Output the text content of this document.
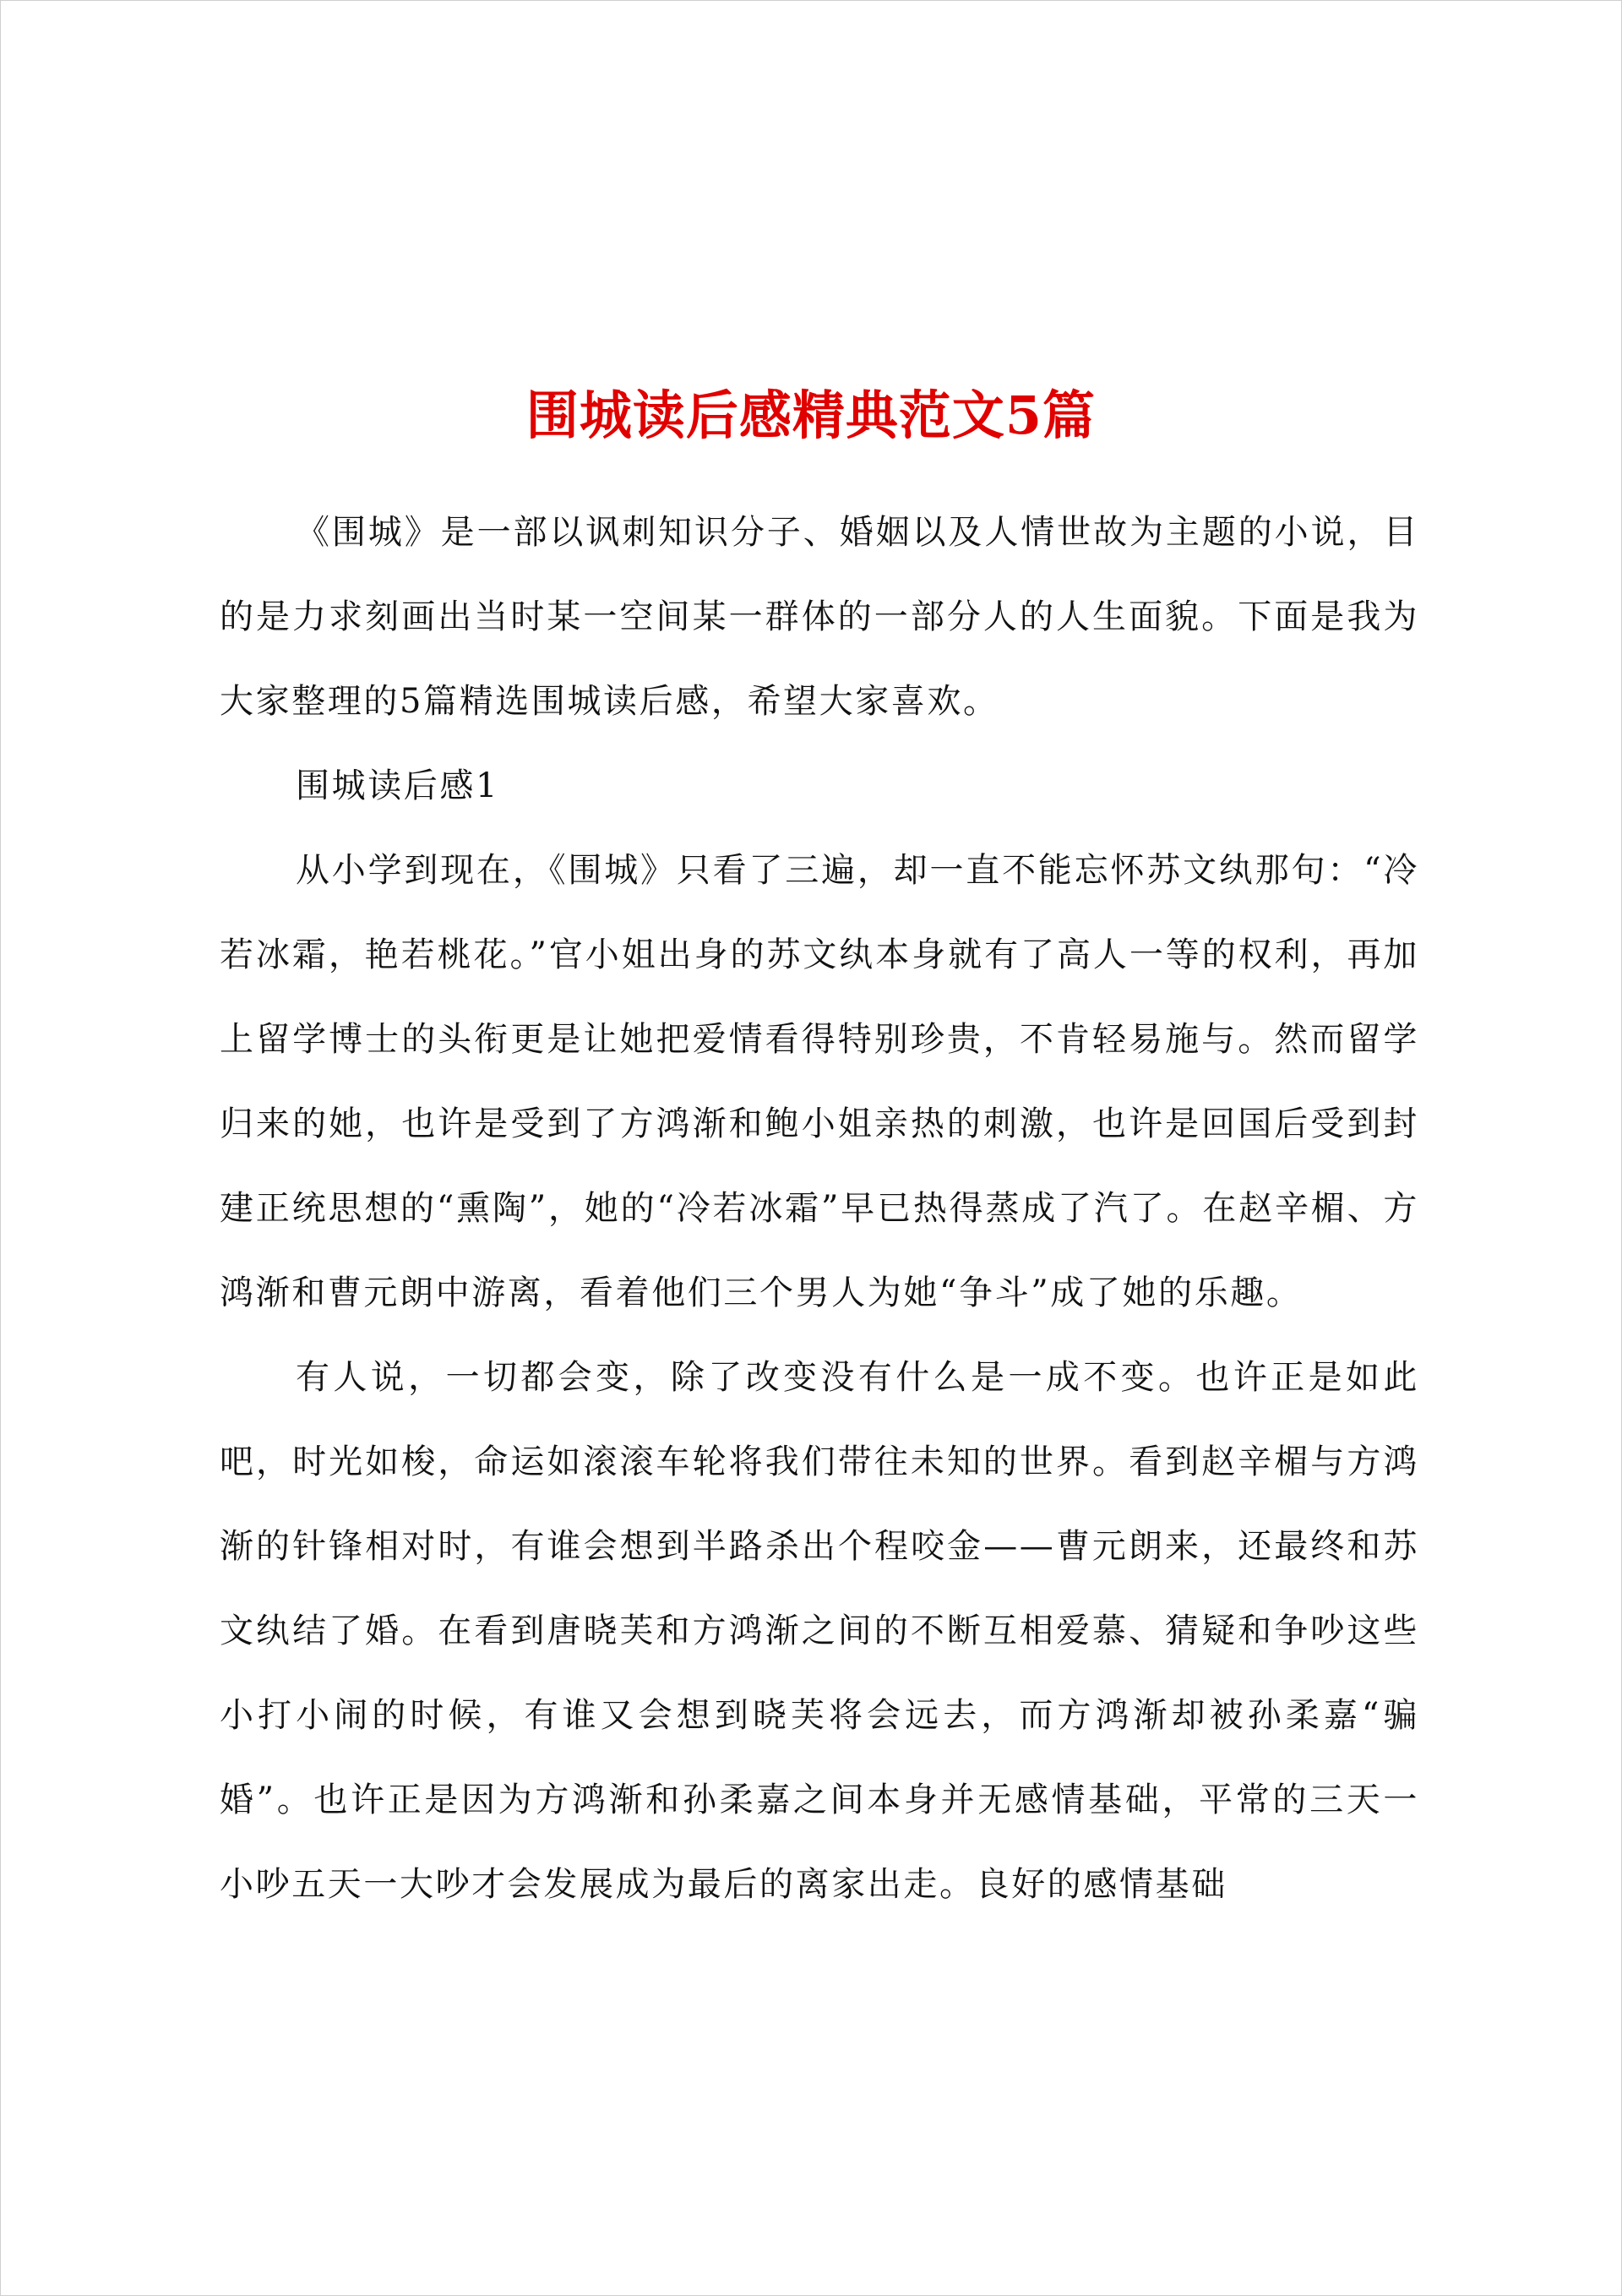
围城读后感精典范文5篇

《围城》是一部以讽刺知识分子、婚姻以及人情世故为主题的小说，目的是力求刻画出当时某一空间某一群体的一部分人的人生面貌。下面是我为大家整理的5篇精选围城读后感，希望大家喜欢。

围城读后感1

从小学到现在，《围城》只看了三遍，却一直不能忘怀苏文纨那句：“冷若冰霜，艳若桃花。”官小姐出身的苏文纨本身就有了高人一等的权利，再加上留学博士的头衔更是让她把爱情看得特别珍贵，不肯轻易施与。然而留学归来的她，也许是受到了方鸿渐和鲍小姐亲热的刺激，也许是回国后受到封建正统思想的“熏陶”，她的“冷若冰霜”早已热得蒸成了汽了。在赵辛楣、方鸿渐和曹元朗中游离，看着他们三个男人为她“争斗”成了她的乐趣。

有人说，一切都会变，除了改变没有什么是一成不变。也许正是如此吧，时光如梭，命运如滚滚车轮将我们带往未知的世界。看到赵辛楣与方鸿渐的针锋相对时，有谁会想到半路杀出个程咬金——曹元朗来，还最终和苏文纨结了婚。在看到唐晓芙和方鸿渐之间的不断互相爱慕、猜疑和争吵这些小打小闹的时候，有谁又会想到晓芙将会远去，而方鸿渐却被孙柔嘉“骗婚”。也许正是因为方鸿渐和孙柔嘉之间本身并无感情基础，平常的三天一小吵五天一大吵才会发展成为最后的离家出走。良好的感情基础
